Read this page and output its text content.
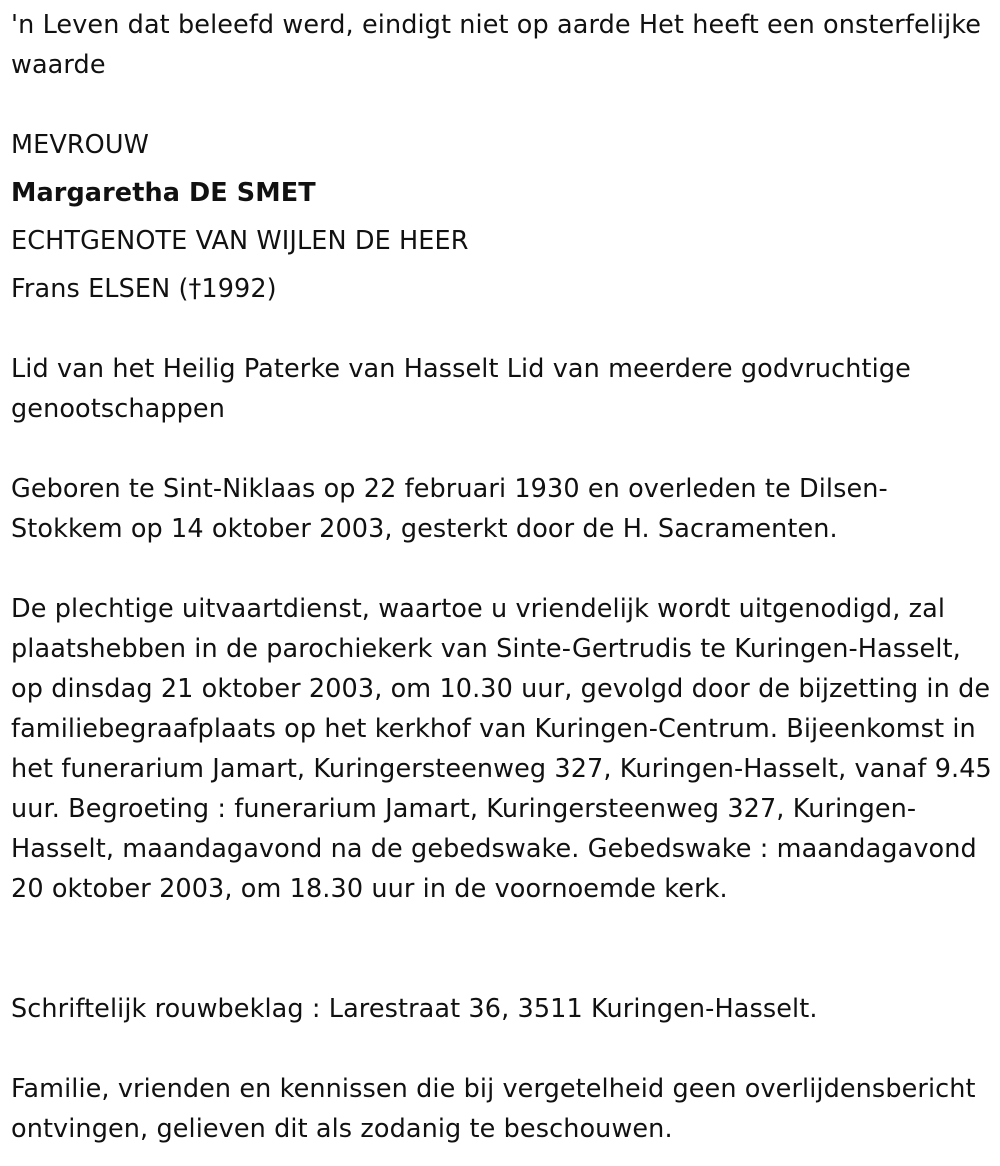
'n Leven dat beleefd werd, eindigt niet op aarde Het heeft een onsterfelijke waarde

MEVROUW

Margaretha DE SMET

ECHTGENOTE VAN WIJLEN DE HEER

Frans ELSEN (†1992)

Lid van het Heilig Paterke van Hasselt Lid van meerdere godvruchtige genootschappen

Geboren te Sint-Niklaas op 22 februari 1930 en overleden te Dilsen-Stokkem op 14 oktober 2003, gesterkt door de H. Sacramenten.

De plechtige uitvaartdienst, waartoe u vriendelijk wordt uitgenodigd, zal plaatshebben in de parochiekerk van Sinte-Gertrudis te Kuringen-Hasselt, op dinsdag 21 oktober 2003, om 10.30 uur, gevolgd door de bijzetting in de familiebegraafplaats op het kerkhof van Kuringen-Centrum. Bijeenkomst in het funerarium Jamart, Kuringersteenweg 327, Kuringen-Hasselt, vanaf 9.45 uur. Begroeting : funerarium Jamart, Kuringersteenweg 327, Kuringen-Hasselt, maandagavond na de gebedswake. Gebedswake : maandagavond 20 oktober 2003, om 18.30 uur in de voornoemde kerk.

Schriftelijk rouwbeklag : Larestraat 36, 3511 Kuringen-Hasselt.

Familie, vrienden en kennissen die bij vergetelheid geen overlijdensbericht ontvingen, gelieven dit als zodanig te beschouwen.
